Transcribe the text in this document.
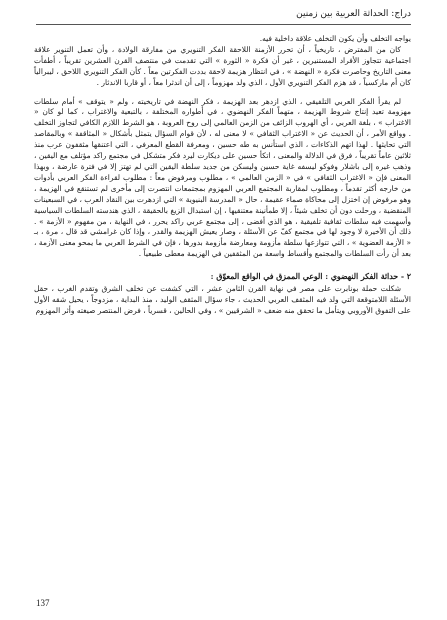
دراج: الحداثة العربية بين زمنين

يواجه التخلف وأن يكون التخلف علاقة داخلية فيه.

كان من المفترض ، تاريخياً ، أن تحرر الأزمنة اللاحقة الفكر التنويري من مفارقة الولادة ، وأن تعمل التنوير علاقة اجتماعية تتجاوز الأفراد المستنيرين ، غير أن فكرة « الثورة » التي تقدمت في منتصف القرن العشرين تقريباً ، أطفأت معنى التاريخ وحاصرت فكرة « النهضة » ، في انتظار هزيمة لاحقة بددت الفكرتين معاً . كأن الفكر التنويري اللاحق ، ليبرالياً كان أم ماركسياً ، قد هزم الفكر التنويري الأول ، الذي ولد مهزوماً ، إلى أن اندثرا معاً ، أو قاربا الاندثار .

لم يقرأ الفكر العربي التلفيقي ، الذي ازدهر بعد الهزيمة ، فكر النهضة في تاريخيته ، ولم « يتوقف » أمام سلطات مهزومة تعيد إنتاج شروط الهزيمة ، متهماً الفكر النهضوي ، في أطواره المختلفة ، بالتبعية والاغتراب ، كما لو كان « الاغتراب » ، بلغة العربي ، أي الهروب الزائف من الزمن العالمي إلى روح العروبة ، هو الشرط اللازم الكافي لتجاوز التخلف . وواقع الأمر ، أن الحديث عن « الاغتراب الثقافي » لا معنى له ، لأن قوام السؤال يتمثل بأشكال « المثاقفة » وبالمقاصد التي تحايثها . لهذا اتهم الذكاءات ، الذي استأنس به طه حسين ، ومعرفة القطع المعرفي ، التي اعتنقها مثقفون عرب منذ ثلاثين عاماً تقريباً ، فرق في الدلالة والمعنى ، اتكأ حسين على ديكارت ليرد فكر متشكل في مجتمع راكد مؤتلف مع اليقين ، وذهب غيره إلى باشلار وفوكو ليسفه غاية حسين وليسكن من جديد سلطة اليقين التي لم تهتز إلا في فترة عارضة ، وبهذا المعنى فإن « الاغتراب الثقافي » في « الزمن العالمي » ، مطلوب ومرفوض معاً : مطلوب لقراءة الفكر العربي بأدوات من خارجه أكثر تقدماً ، ومطلوب لمقاربة المجتمع العربي المهزوم بمجتمعات انتصرت إلى مأخرى لم تستنقع في الهزيمة ، وهو مرفوض إن اختزل إلى محاكاة صماء عقيمة ، حال « المدرسة البنيوية » التي ازدهرت بين النقاد العرب ، في السبعينات المنقضية ، ورحلت دون أن تخلف شيئاً ، إلا طمأنينة معتنقيها ، إن استبدال الزيغ بالحقيقة ، الذي هندسته السلطات السياسية وأسهمت فيه سلطات ثقافية تلفيقية ، هو الذي أفضى ، إلى مجتمع عربي راكد يحرر ، في النهاية ، من مفهوم « الأزمة » . ذلك أن الأخيرة لا وجود لها في مجتمع كفّ عن الأسئلة ، وصار يعيش الهزيمة والقدر ، وإذا كان غرامشي قد قال ، مرة ، بـ « الأزمة العضوية » ، التي تتوازعها سلطة مأزومة ومعارضة مأزومة بدورها ، فإن في الشرط العربي ما يمحو معنى الأزمة ، بعد أن رأت السلطات والمجتمع وأقساط واسعة من المثقفين في الهزيمة معطى طبيعياً .

٢ - حداثة الفكر النهضوي : الوعي الممزق في الواقع المعوّق :

شكلت حملة بونابرت على مصر في نهاية القرن الثامن عشر ، التي كشفت عن تخلف الشرق وتقدم الغرب ، حقل الأسئلة اللامتوقعة التي ولد فيه المثقف العربي الحديث ، جاء سؤال المثقف الوليد ، منذ البداية ، مزدوجاً ، يحيل شقه الأول على التفوق الأوروبي ويتأمل ما تحقق منه ضعف « الشرقيين » ، وفي الحالين ، قسرياً ، فرض المنتصر صيغته وأثر المهزوم

137
